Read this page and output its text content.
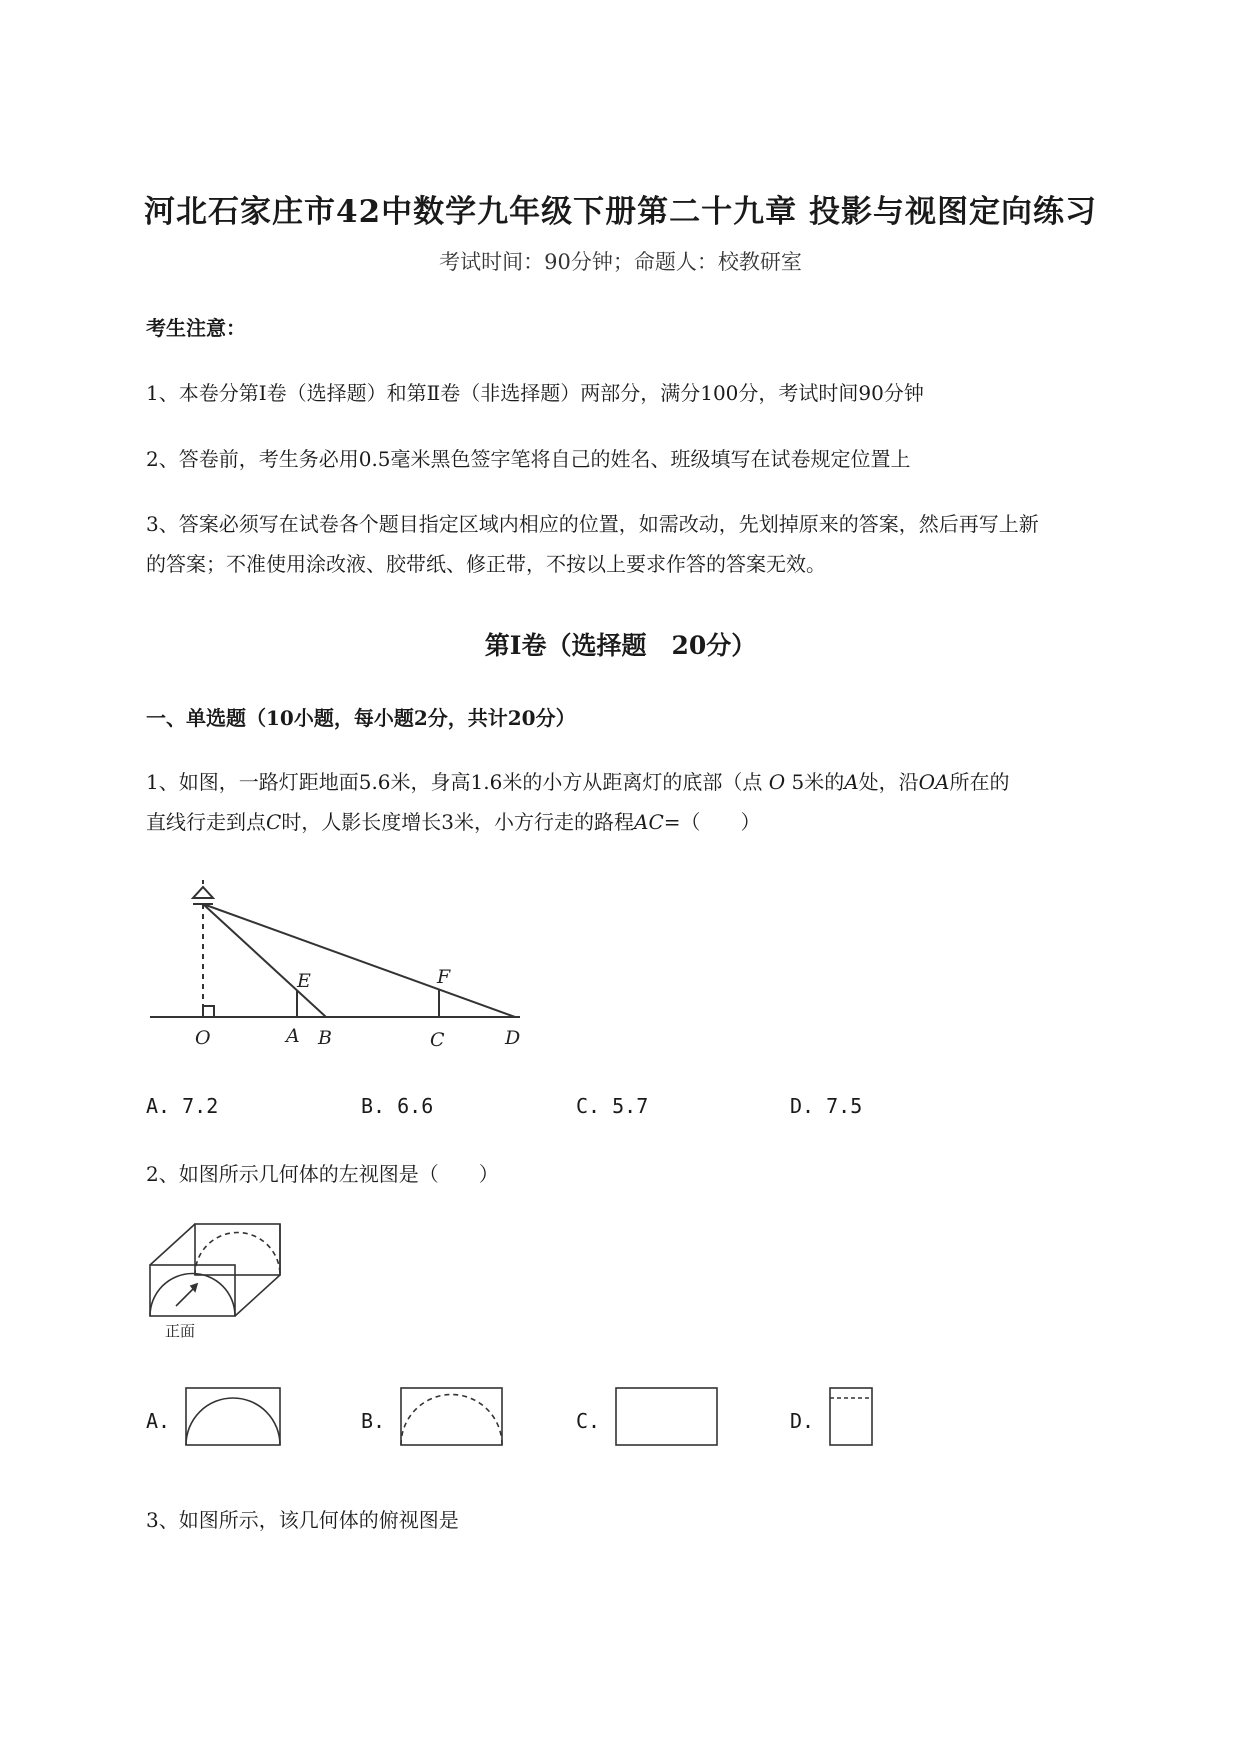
河北石家庄市42中数学九年级下册第二十九章 投影与视图定向练习
考试时间：90分钟；命题人：校教研室
考生注意：
1、本卷分第Ⅰ卷（选择题）和第Ⅱ卷（非选择题）两部分，满分100分，考试时间90分钟
2、答卷前，考生务必用0.5毫米黑色签字笔将自己的姓名、班级填写在试卷规定位置上
3、答案必须写在试卷各个题目指定区域内相应的位置，如需改动，先划掉原来的答案，然后再写上新
的答案；不准使用涂改液、胶带纸、修正带，不按以上要求作答的答案无效。
第Ⅰ卷（选择题　20分）
一、单选题（10小题，每小题2分，共计20分）
1、如图，一路灯距地面5.6米，身高1.6米的小方从距离灯的底部（点 O 5米的A处，沿OA所在的
直线行走到点C时，人影长度增长3米，小方行走的路程AC=（　　）
O	A B	C	D
E	F
A. 7.2	B. 6.6	C. 5.7	D. 7.5
2、如图所示几何体的左视图是（　　）
正面
A.	B.	C.	D.
3、如图所示，该几何体的俯视图是
